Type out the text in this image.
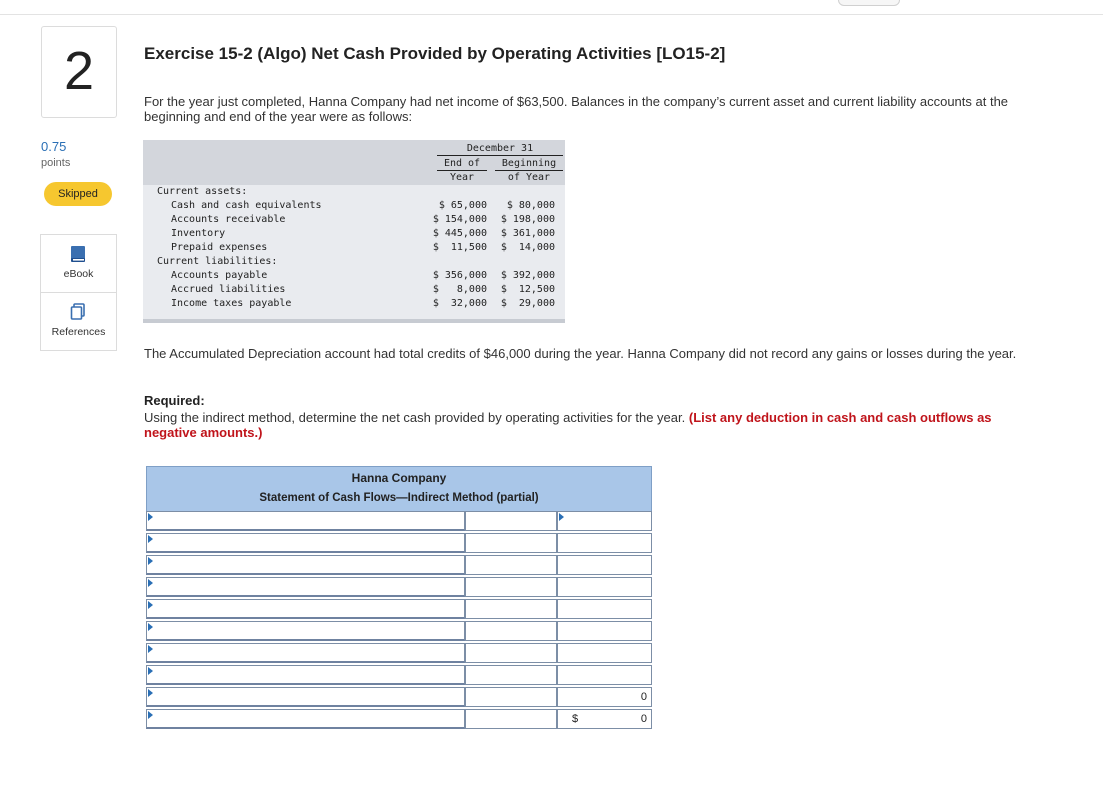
2
0.75
points
Skipped
eBook
References
Exercise 15-2 (Algo) Net Cash Provided by Operating Activities [LO15-2]
For the year just completed, Hanna Company had net income of $63,500. Balances in the company’s current asset and current liability accounts at the beginning and end of the year were as follows:
December 31
End of
Year
Beginning
of Year
Current assets:
Cash and cash equivalents	$ 65,000	$ 80,000
Accounts receivable	$ 154,000	$ 198,000
Inventory	$ 445,000	$ 361,000
Prepaid expenses	$  11,500	$  14,000
Current liabilities:
Accounts payable	$ 356,000	$ 392,000
Accrued liabilities	$   8,000	$  12,500
Income taxes payable	$  32,000	$  29,000
The Accumulated Depreciation account had total credits of $46,000 during the year. Hanna Company did not record any gains or losses during the year.
Required:
Using the indirect method, determine the net cash provided by operating activities for the year. (List any deduction in cash and cash outflows as negative amounts.)
Hanna Company
Statement of Cash Flows—Indirect Method (partial)
0
$	0
